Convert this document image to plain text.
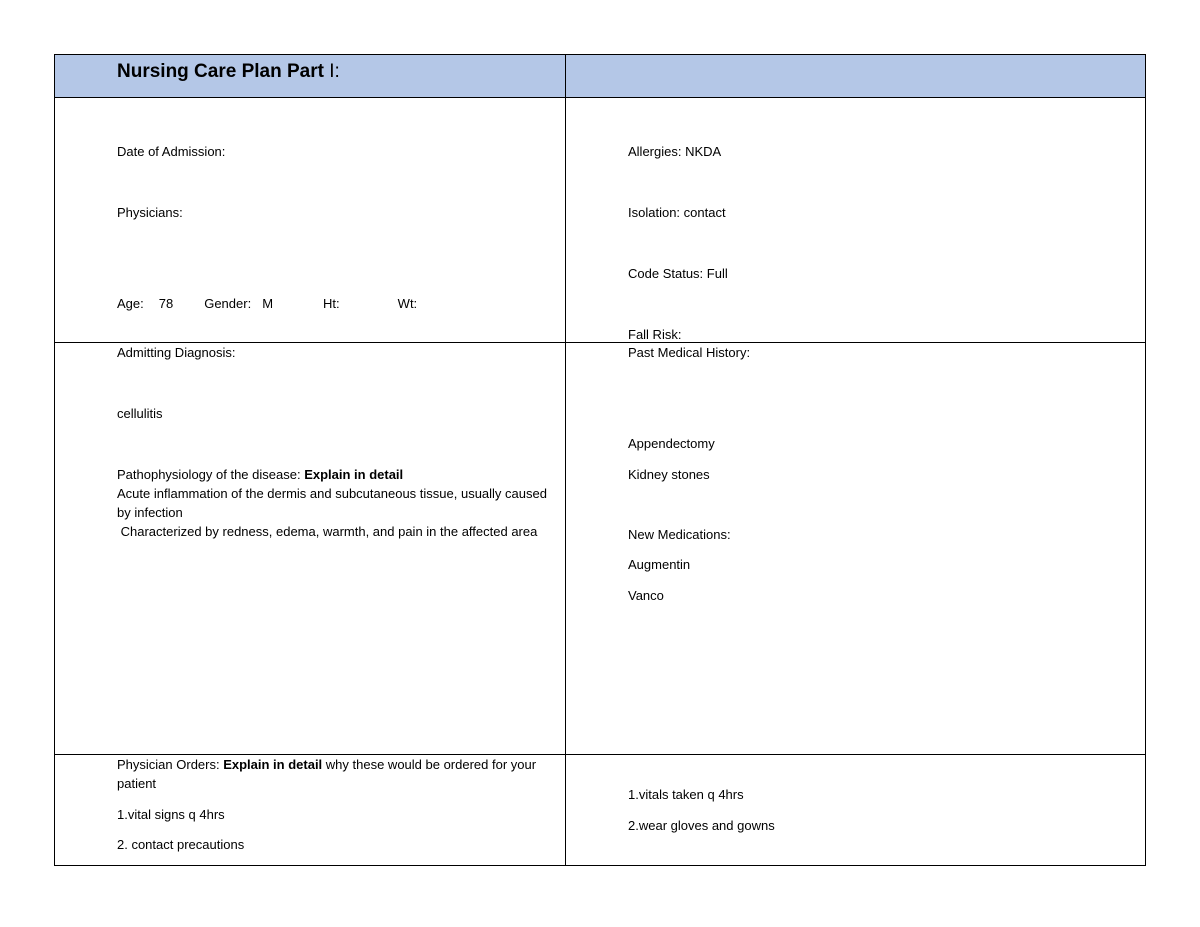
Nursing Care Plan Part I:
Date of Admission:
Physicians:
Age: 78 Gender: M	Ht:	Wt:
Allergies: NKDA
Isolation: contact
Code Status: Full
Fall Risk:
Admitting Diagnosis:
cellulitis
Pathophysiology of the disease: Explain in detail
Acute inflammation of the dermis and subcutaneous tissue, usually caused by infection
Characterized by redness, edema, warmth, and pain in the affected area
Past Medical History:
Appendectomy
Kidney stones
New Medications:
Augmentin
Vanco
Physician Orders: Explain in detail why these would be ordered for your patient
1.vital signs q 4hrs
2. contact precautions
1.vitals taken q 4hrs
2.wear gloves and gowns
